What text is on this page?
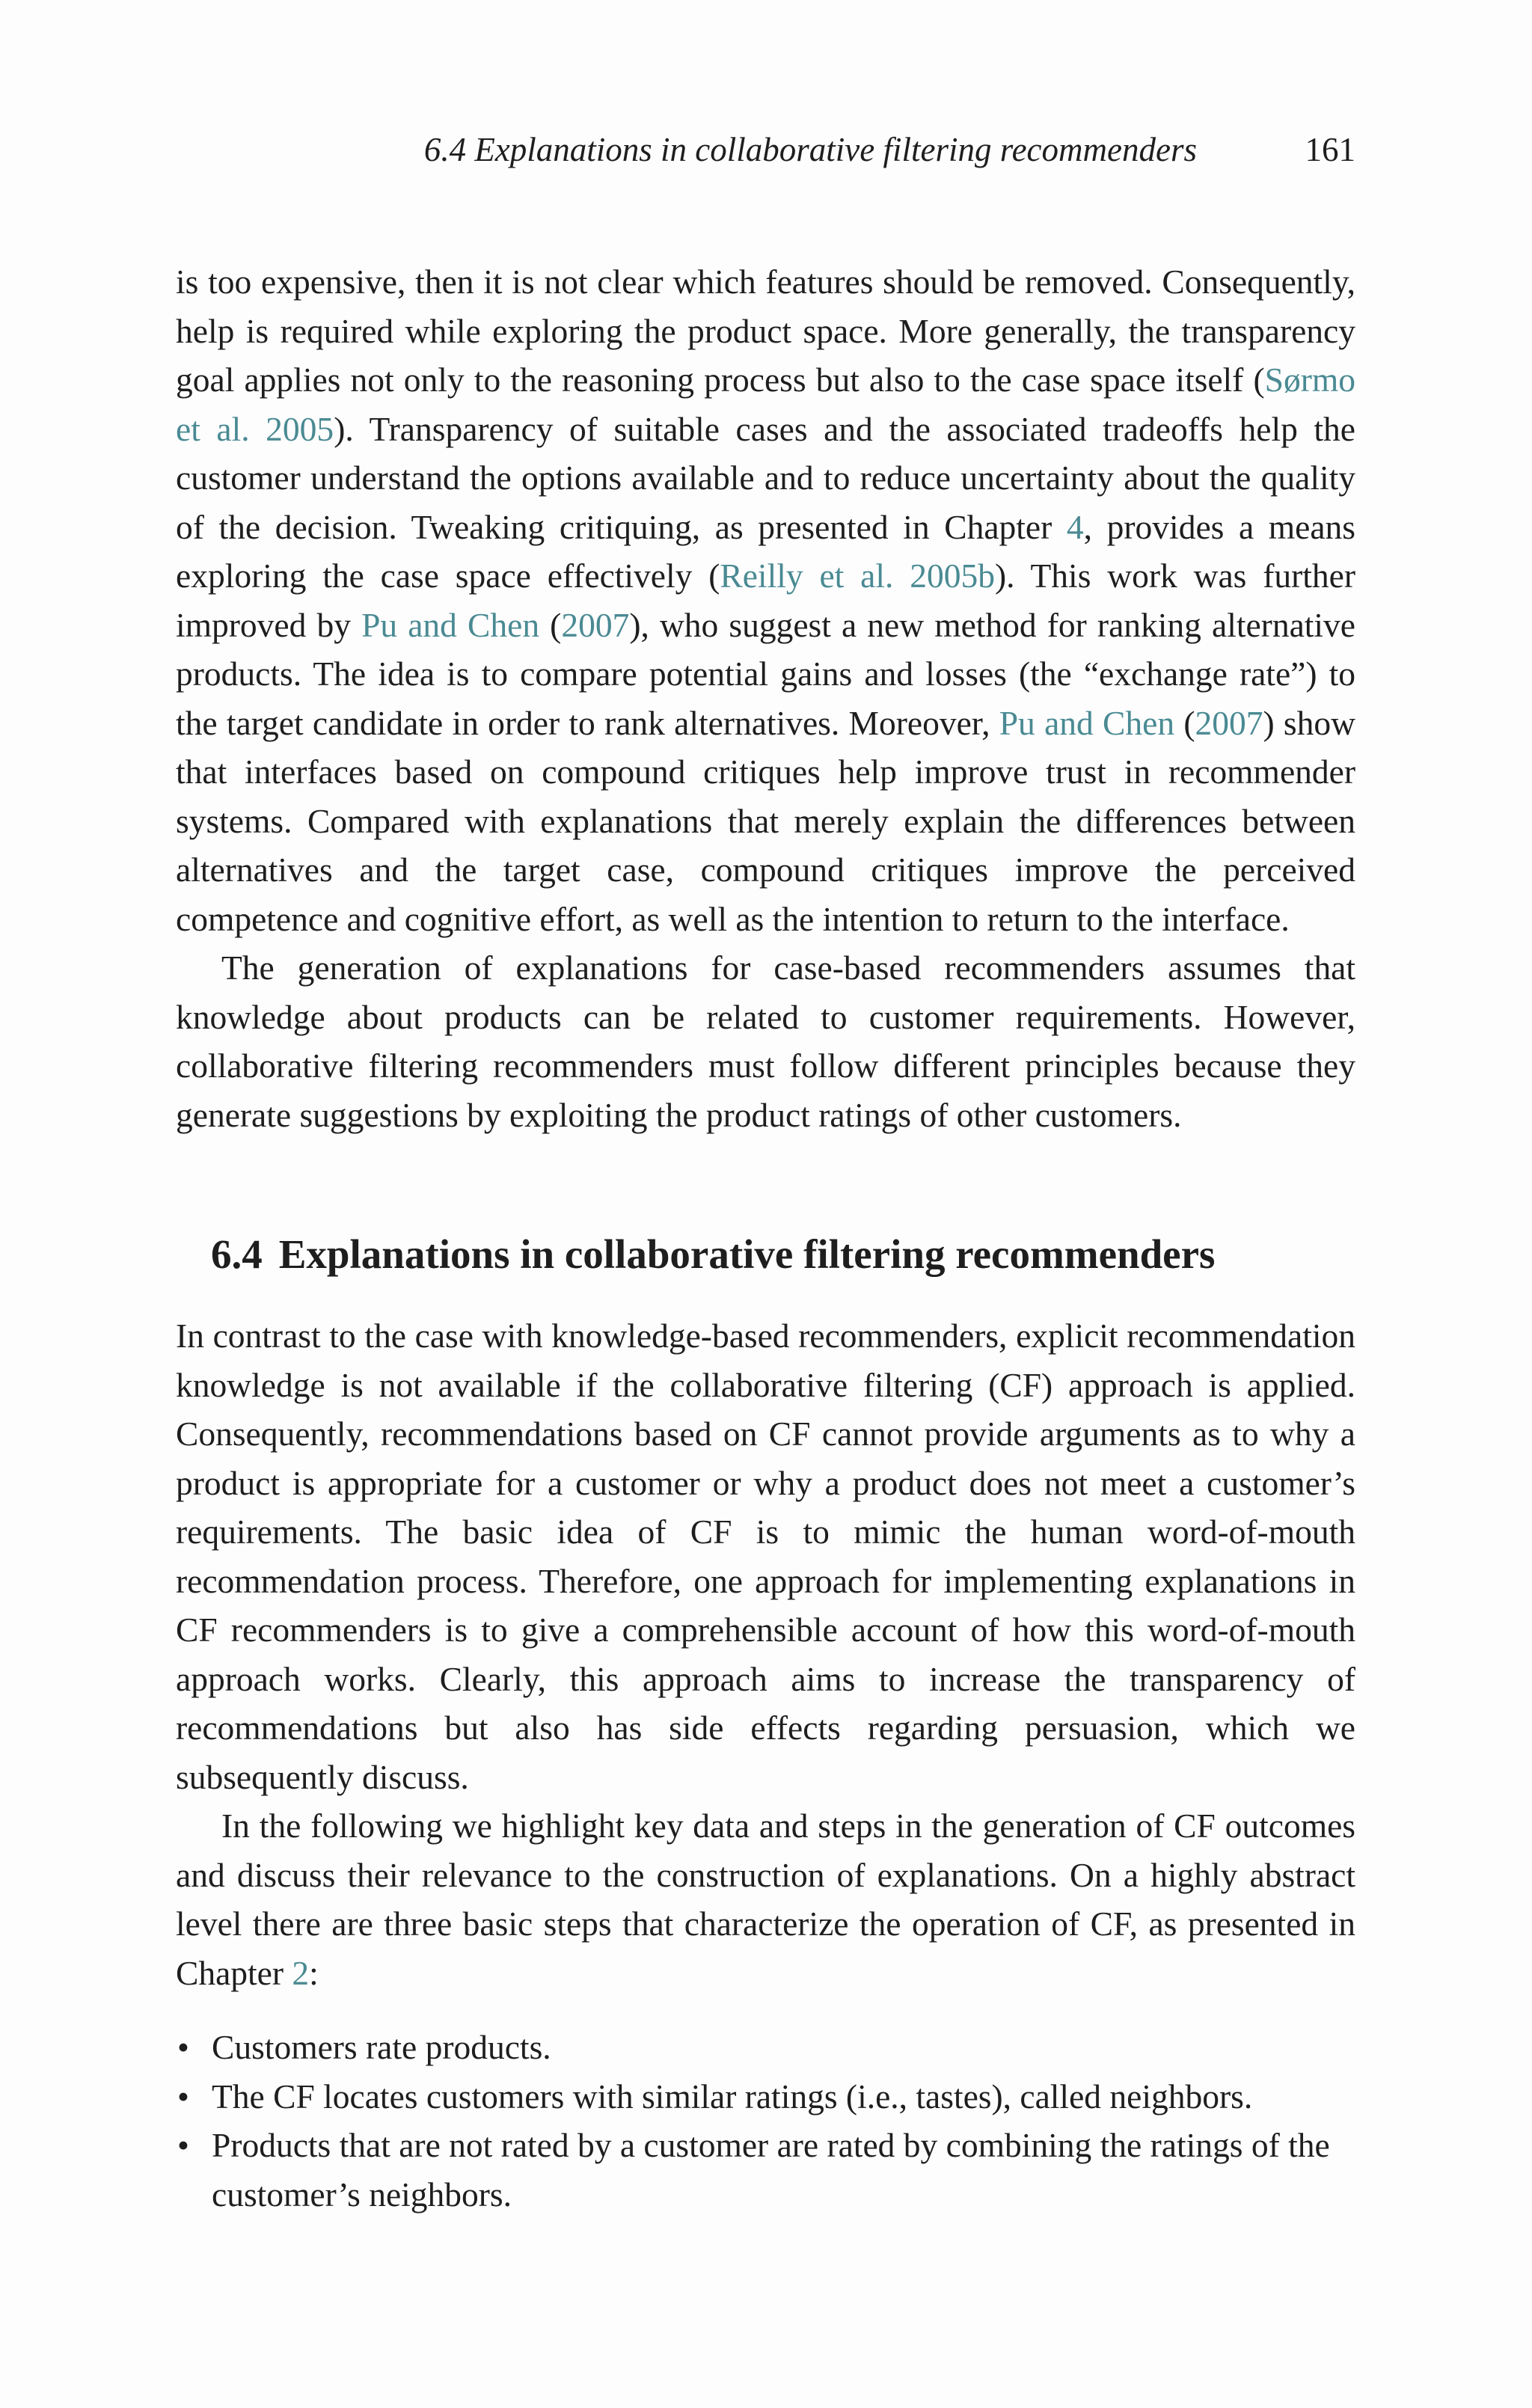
6.4 Explanations in collaborative filtering recommenders	161

is too expensive, then it is not clear which features should be removed. Consequently, help is required while exploring the product space. More generally, the transparency goal applies not only to the reasoning process but also to the case space itself (Sørmo et al. 2005). Transparency of suitable cases and the associated tradeoffs help the customer understand the options available and to reduce uncertainty about the quality of the decision. Tweaking critiquing, as presented in Chapter 4, provides a means exploring the case space effectively (Reilly et al. 2005b). This work was further improved by Pu and Chen (2007), who suggest a new method for ranking alternative products. The idea is to compare potential gains and losses (the “exchange rate”) to the target candidate in order to rank alternatives. Moreover, Pu and Chen (2007) show that interfaces based on compound critiques help improve trust in recommender systems. Compared with explanations that merely explain the differences between alternatives and the target case, compound critiques improve the perceived competence and cognitive effort, as well as the intention to return to the interface.

The generation of explanations for case-based recommenders assumes that knowledge about products can be related to customer requirements. However, collaborative filtering recommenders must follow different principles because they generate suggestions by exploiting the product ratings of other customers.

6.4 Explanations in collaborative filtering recommenders

In contrast to the case with knowledge-based recommenders, explicit recommendation knowledge is not available if the collaborative filtering (CF) approach is applied. Consequently, recommendations based on CF cannot provide arguments as to why a product is appropriate for a customer or why a product does not meet a customer’s requirements. The basic idea of CF is to mimic the human word-of-mouth recommendation process. Therefore, one approach for implementing explanations in CF recommenders is to give a comprehensible account of how this word-of-mouth approach works. Clearly, this approach aims to increase the transparency of recommendations but also has side effects regarding persuasion, which we subsequently discuss.

In the following we highlight key data and steps in the generation of CF outcomes and discuss their relevance to the construction of explanations. On a highly abstract level there are three basic steps that characterize the operation of CF, as presented in Chapter 2:

• Customers rate products.
• The CF locates customers with similar ratings (i.e., tastes), called neighbors.
• Products that are not rated by a customer are rated by combining the ratings of the customer’s neighbors.
